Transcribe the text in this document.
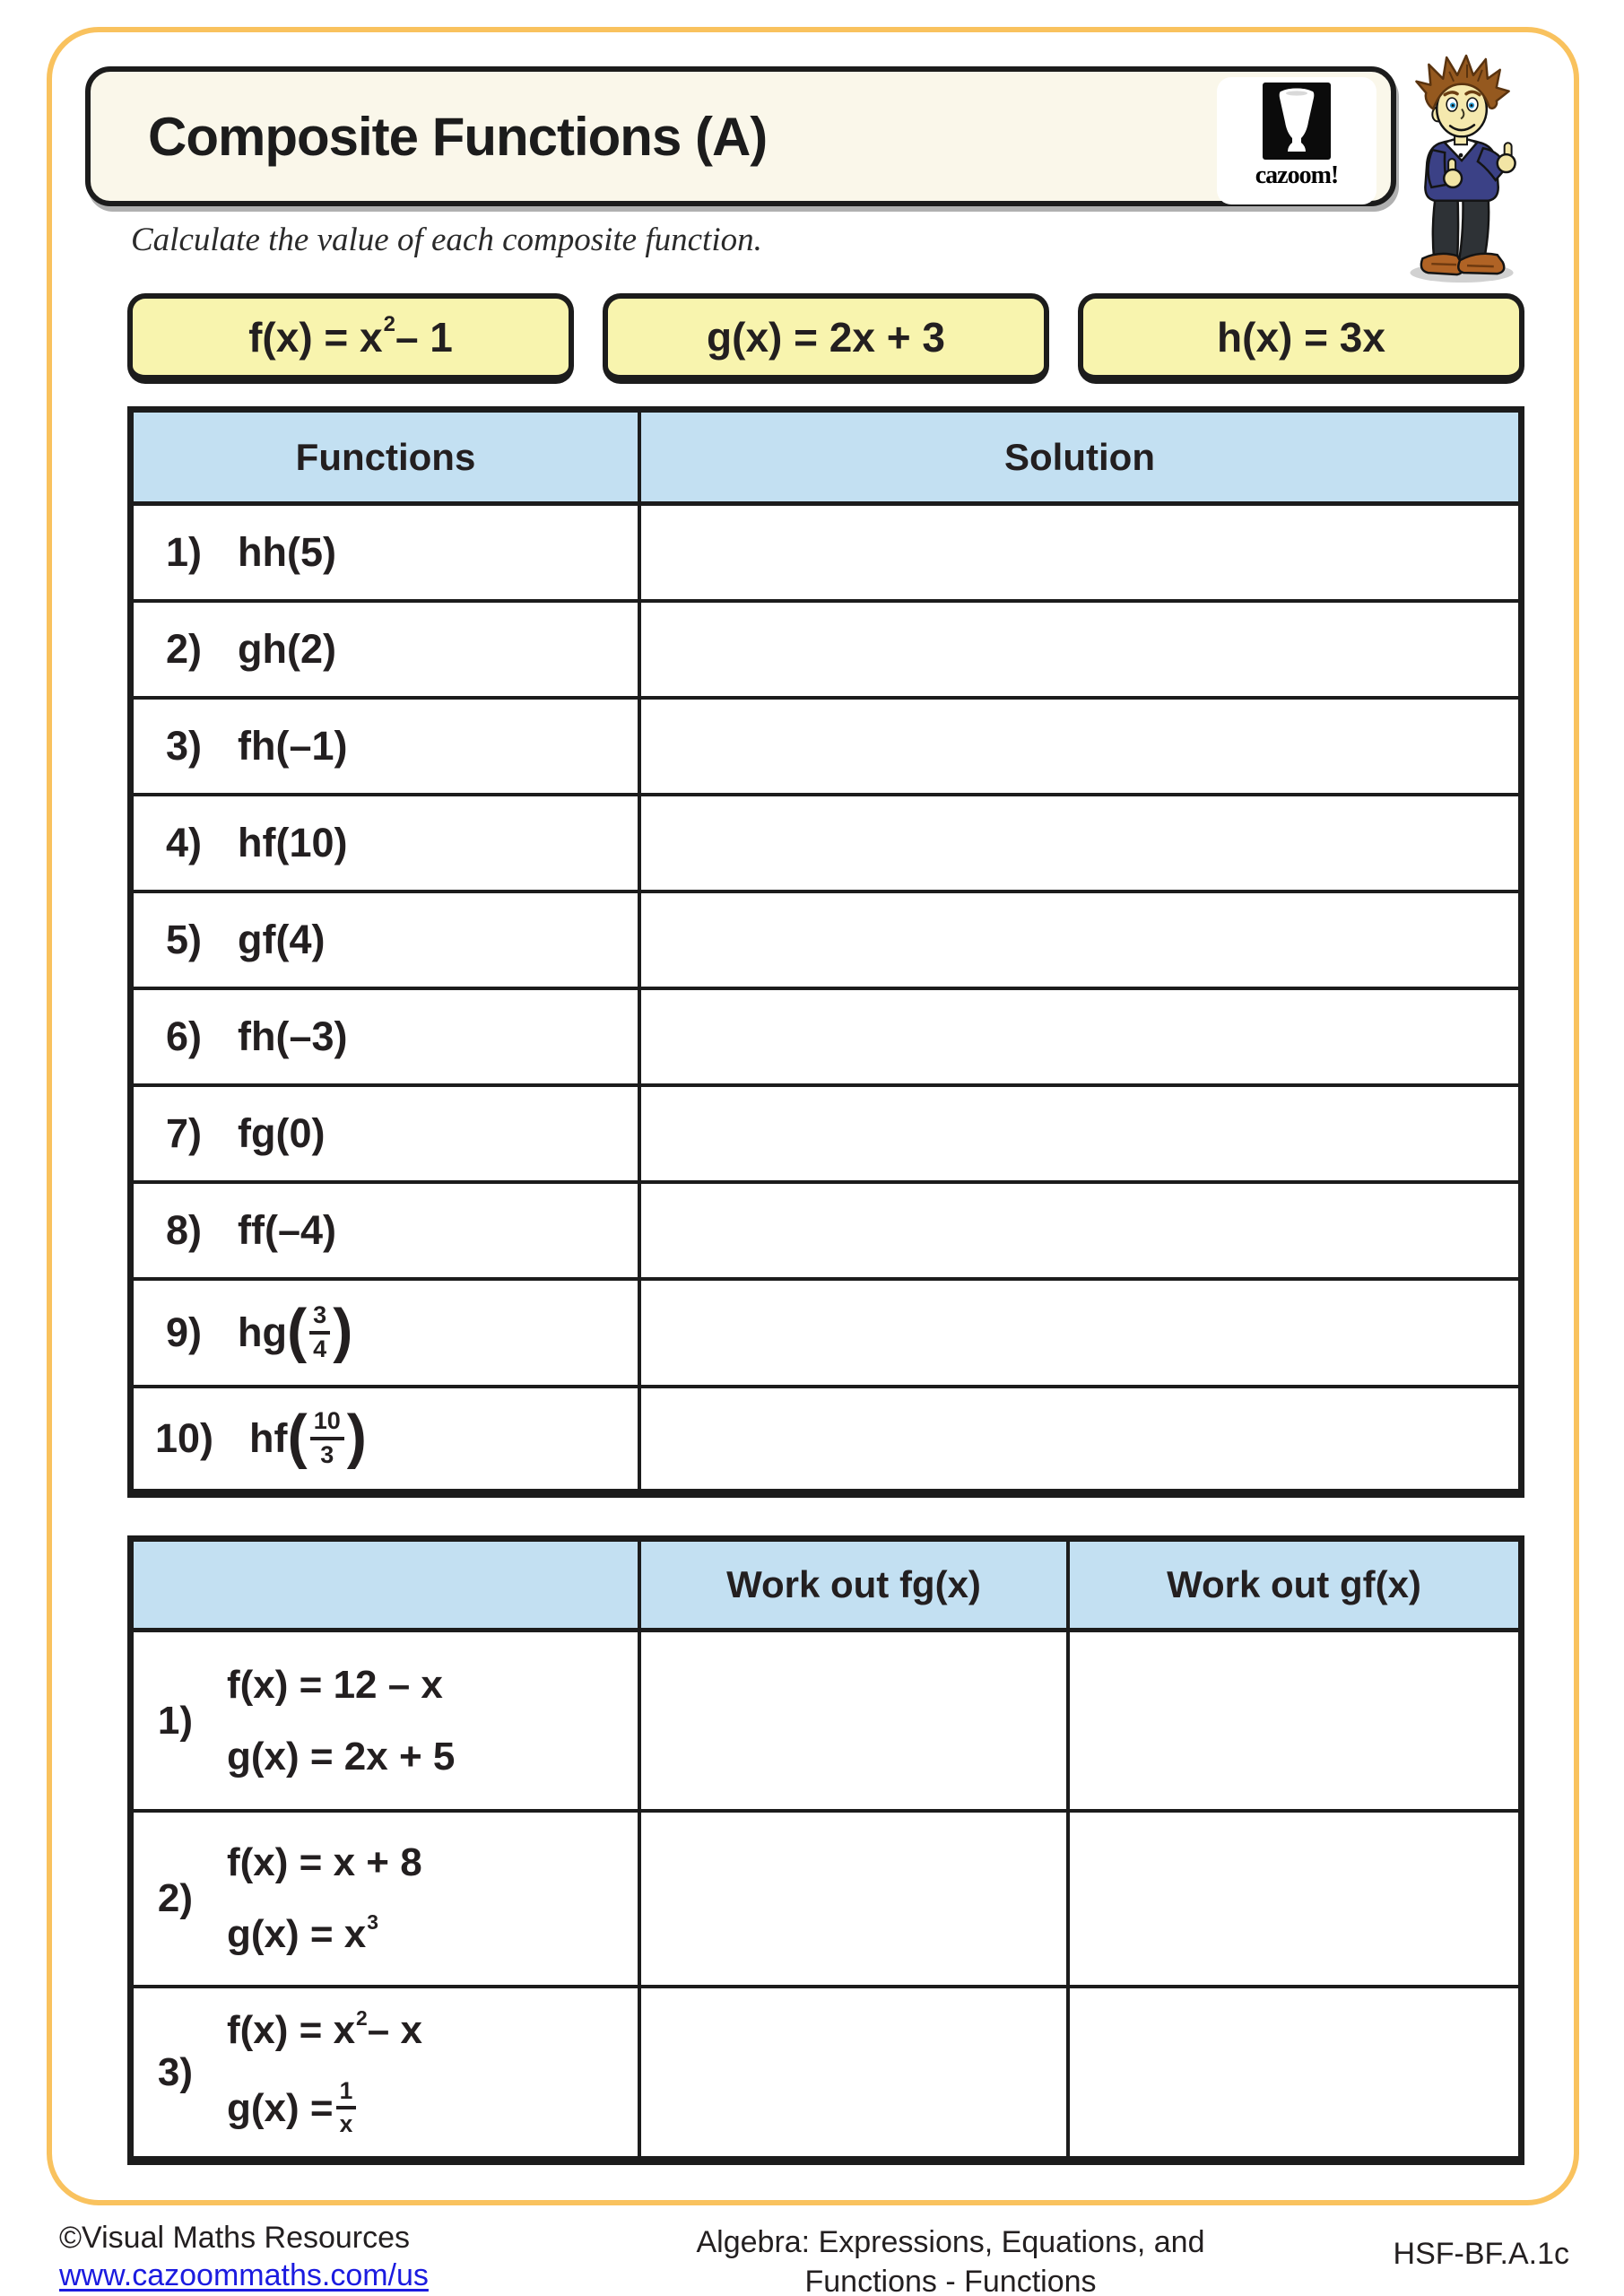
Composite Functions (A)
cazoom!

Calculate the value of each composite function.

f(x) = x 2 – 1	g(x) = 2x + 3	h(x) = 3x
Functions	Solution
1) hh(5)
2) gh(2)
3) fh(–1)
4) hf(10)
5) gf(4)
6) fh(–3)
7) fg(0)
8) ff(–4)
9) hg ( $\frac{3}{4}$ )
10) hf ( $\frac{10}{3}$ )
Work out fg(x)	Work out gf(x)
1)
f(x) = 12 – x
g(x) = 2x + 5
2)
f(x) = x + 8
g(x) = x 3
3)
f(x) = x 2 – x
$g(x) = \frac{1}{x}$
©Visual Maths Resources
www.cazoommaths.com/us
Algebra: Expressions, Equations, and
Functions - Functions
HSF-BF.A.1c
